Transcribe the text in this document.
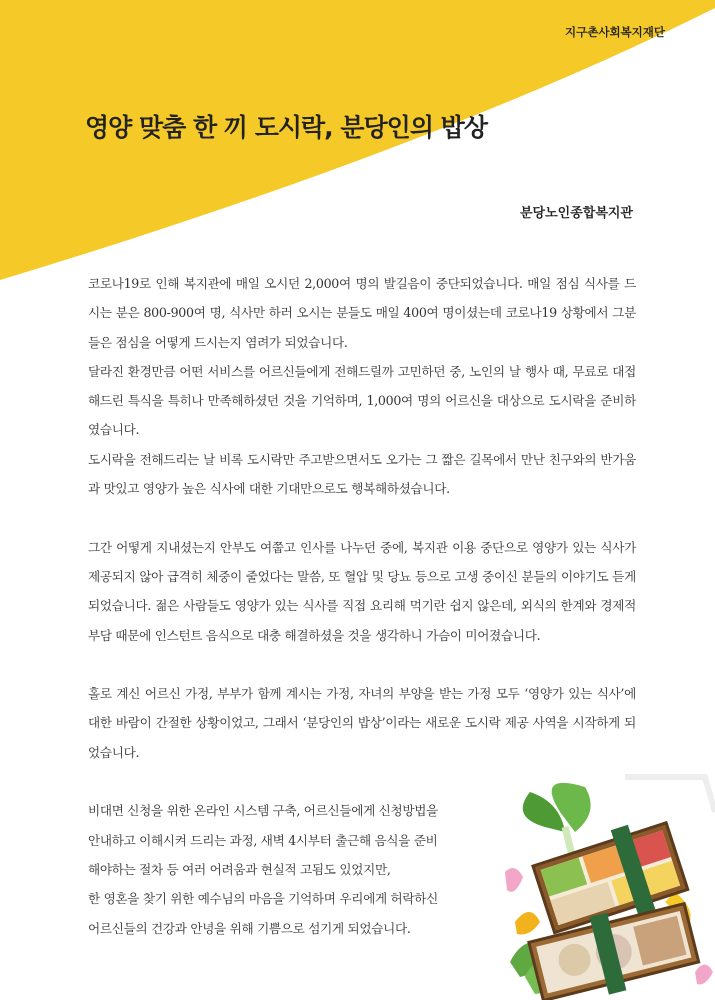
지구촌사회복지재단
영양 맞춤 한 끼 도시락, 분당인의 밥상
분당노인종합복지관

코로나19로 인해 복지관에 매일 오시던 2,000여 명의 발길음이 중단되었습니다. 매일 점심 식사를 드시는 분은 800-900여 명, 식사만 하러 오시는 분들도 매일 400여 명이셨는데 코로나19 상황에서 그분들은 점심을 어떻게 드시는지 염려가 되었습니다.

달라진 환경만큼 어떤 서비스를 어르신들에게 전해드릴까 고민하던 중, 노인의 날 행사 때, 무료로 대접해드린 특식을 특히나 만족해하셨던 것을 기억하며, 1,000여 명의 어르신을 대상으로 도시락을 준비하였습니다.

도시락을 전해드리는 날 비록 도시락만 주고받으면서도 오가는 그 짧은 길목에서 만난 친구와의 반가움과 맛있고 영양가 높은 식사에 대한 기대만으로도 행복해하셨습니다.

그간 어떻게 지내셨는지 안부도 여쭙고 인사를 나누던 중에, 복지관 이용 중단으로 영양가 있는 식사가 제공되지 않아 급격히 체중이 줄었다는 말씀, 또 혈압 및 당뇨 등으로 고생 중이신 분들의 이야기도 듣게 되었습니다. 젊은 사람들도 영양가 있는 식사를 직접 요리해 먹기란 쉽지 않은데, 외식의 한계와 경제적 부담 때문에 인스턴트 음식으로 대충 해결하셨을 것을 생각하니 가슴이 미어졌습니다.

홀로 계신 어르신 가정, 부부가 함께 계시는 가정, 자녀의 부양을 받는 가정 모두 ‘영양가 있는 식사’에 대한 바람이 간절한 상황이었고, 그래서 ‘분당인의 밥상’이라는 새로운 도시락 제공 사역을 시작하게 되었습니다.

비대면 신청을 위한 온라인 시스템 구축, 어르신들에게 신청방법을
안내하고 이해시켜 드리는 과정, 새벽 4시부터 출근해 음식을 준비
해야하는 절차 등 여러 어려움과 현실적 고됨도 있었지만,
한 영혼을 찾기 위한 예수님의 마음을 기억하며 우리에게 허락하신
어르신들의 건강과 안녕을 위해 기쁨으로 섬기게 되었습니다.
